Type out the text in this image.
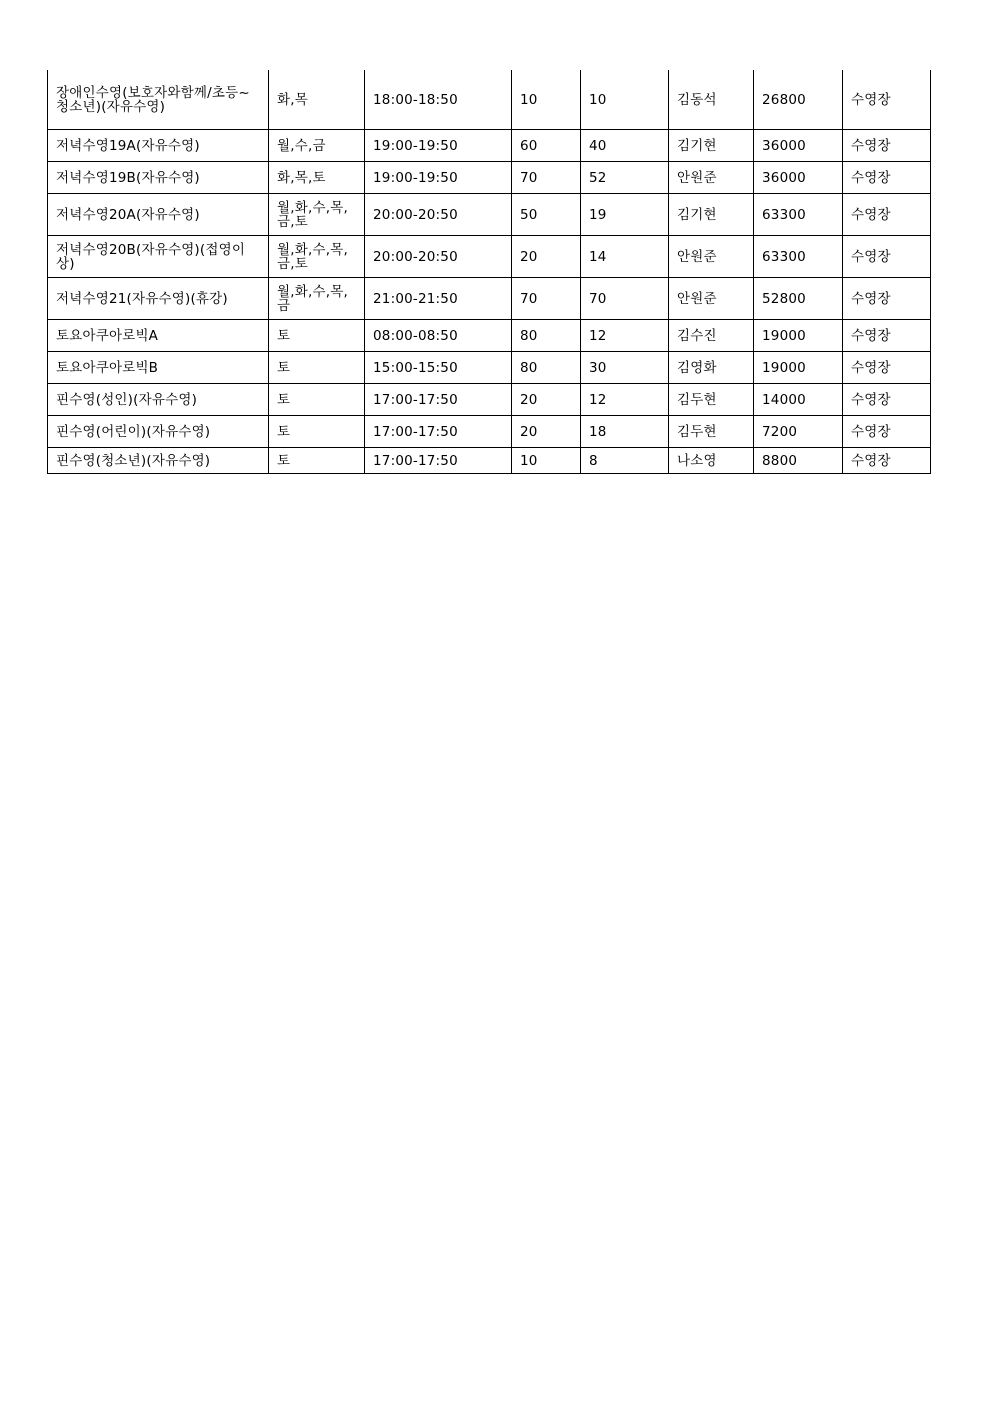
장애인수영(보호자와함께/초등~청소년)(자유수영)	화,목	18:00-18:50	10	10	김동석	26800	수영장
저녁수영19A(자유수영)	월,수,금	19:00-19:50	60	40	김기현	36000	수영장
저녁수영19B(자유수영)	화,목,토	19:00-19:50	70	52	안원준	36000	수영장
저녁수영20A(자유수영)	월,화,수,목,금,토	20:00-20:50	50	19	김기현	63300	수영장
저녁수영20B(자유수영)(접영이상)	월,화,수,목,금,토	20:00-20:50	20	14	안원준	63300	수영장
저녁수영21(자유수영)(휴강)	월,화,수,목,금	21:00-21:50	70	70	안원준	52800	수영장
토요아쿠아로빅A	토	08:00-08:50	80	12	김수진	19000	수영장
토요아쿠아로빅B	토	15:00-15:50	80	30	김영화	19000	수영장
핀수영(성인)(자유수영)	토	17:00-17:50	20	12	김두현	14000	수영장
핀수영(어린이)(자유수영)	토	17:00-17:50	20	18	김두현	7200	수영장
핀수영(청소년)(자유수영)	토	17:00-17:50	10	8	나소영	8800	수영장
